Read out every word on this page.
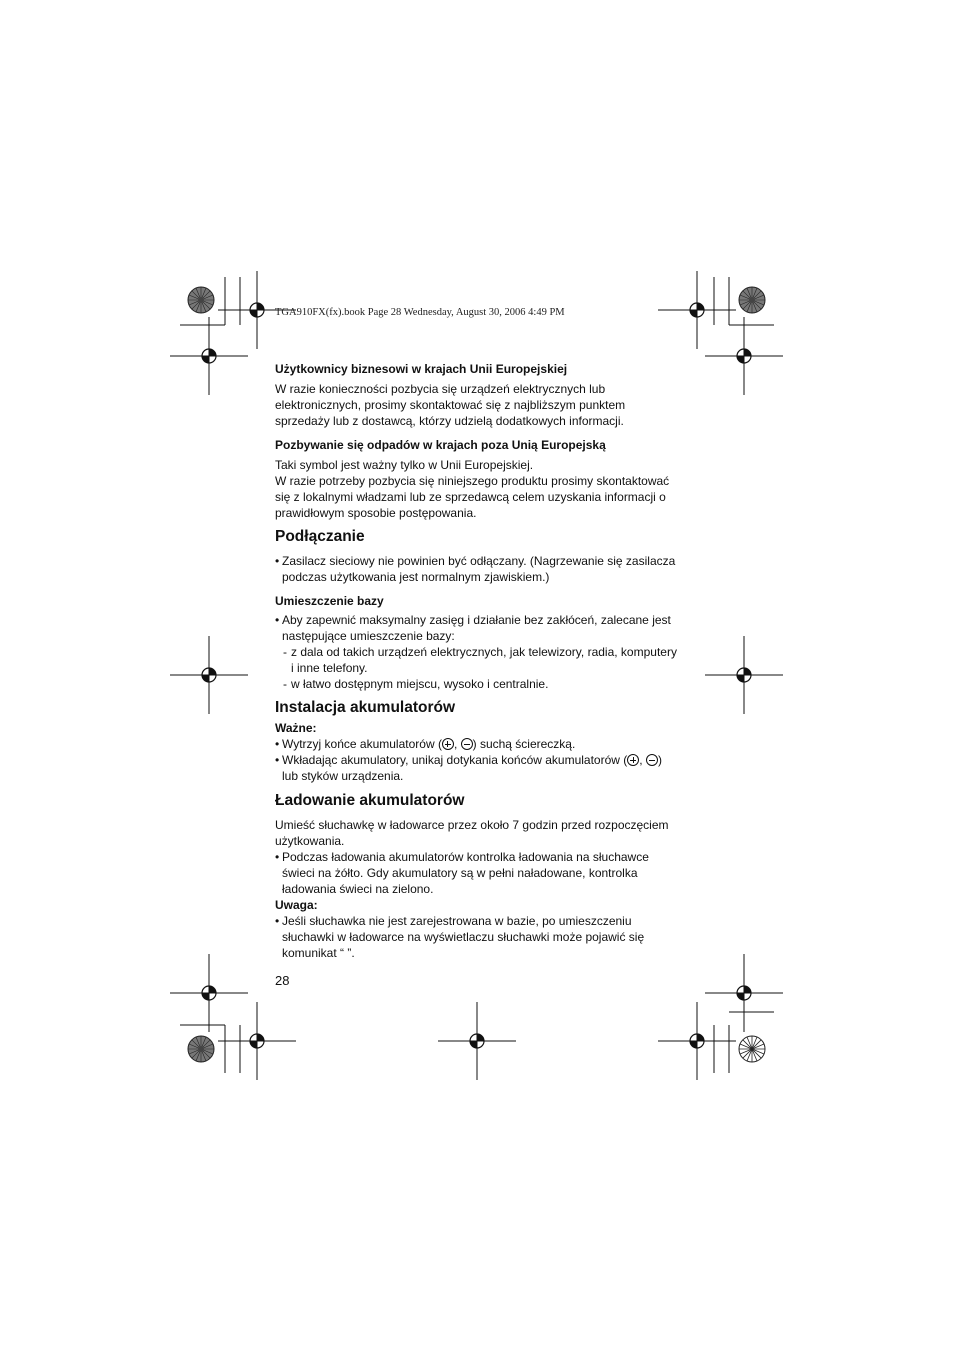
TGA910FX(fx).book Page 28 Wednesday, August 30, 2006 4:49 PM
Użytkownicy biznesowi w krajach Unii Europejskiej

W razie konieczności pozbycia się urządzeń elektrycznych lub elektronicznych, prosimy skontaktować się z najbliższym punktem sprzedaży lub z dostawcą, którzy udzielą dodatkowych informacji.

Pozbywanie się odpadów w krajach poza Unią Europejską

Taki symbol jest ważny tylko w Unii Europejskiej.

W razie potrzeby pozbycia się niniejszego produktu prosimy skontaktować się z lokalnymi władzami lub ze sprzedawcą celem uzyskania informacji o prawidłowym sposobie postępowania.

Podłączanie
• Zasilacz sieciowy nie powinien być odłączany. (Nagrzewanie się zasilacza podczas użytkowania jest normalnym zjawiskiem.)
Umieszczenie bazy
• Aby zapewnić maksymalny zasięg i działanie bez zakłóceń, zalecane jest następujące umieszczenie bazy:
- z dala od takich urządzeń elektrycznych, jak telewizory, radia, komputery i inne telefony.
- w łatwo dostępnym miejscu, wysoko i centralnie.
Instalacja akumulatorów
Ważne:
• Wytrzyj końce akumulatorów ( , ) suchą ściereczką.
• Wkładając akumulatory, unikaj dotykania końców akumulatorów ( , ) lub styków urządzenia.
Ładowanie akumulatorów

Umieść słuchawkę w ładowarce przez około 7 godzin przed rozpoczęciem użytkowania.

• Podczas ładowania akumulatorów kontrolka ładowania na słuchawce świeci na żółto. Gdy akumulatory są w pełni naładowane, kontrolka ładowania świeci na zielono.
Uwaga:
• Jeśli słuchawka nie jest zarejestrowana w bazie, po umieszczeniu słuchawki w ładowarce na wyświetlaczu słuchawki może pojawić się komunikat “ ”.
28
